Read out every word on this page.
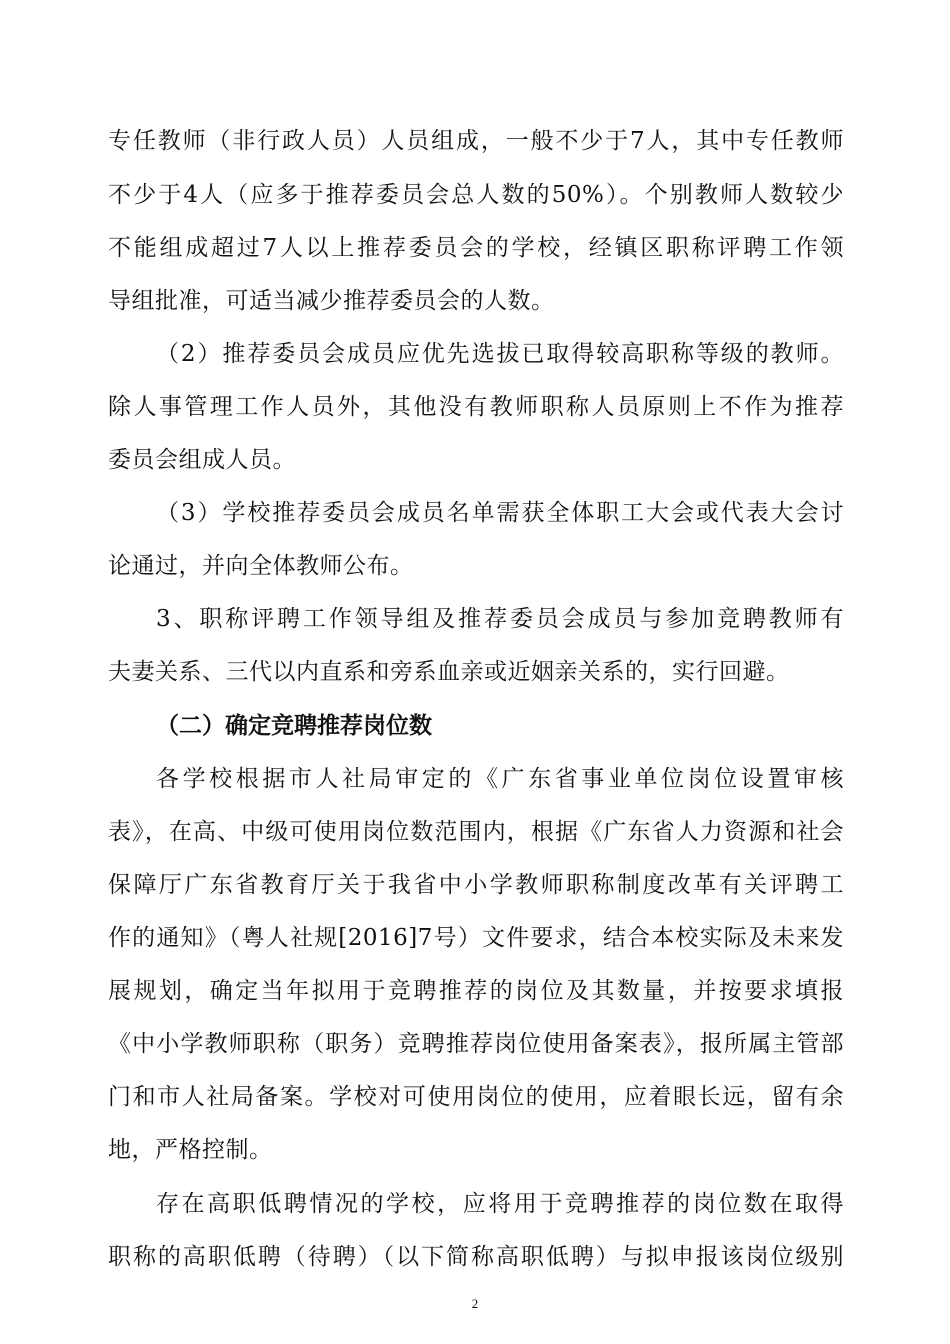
专任教师（非行政人员）人员组成，一般不少于7人，其中专任教师
不少于4人（应多于推荐委员会总人数的50%）。个别教师人数较少
不能组成超过7人以上推荐委员会的学校，经镇区职称评聘工作领
导组批准，可适当减少推荐委员会的人数。
（2）推荐委员会成员应优先选拔已取得较高职称等级的教师。
除人事管理工作人员外，其他没有教师职称人员原则上不作为推荐
委员会组成人员。
（3）学校推荐委员会成员名单需获全体职工大会或代表大会讨
论通过，并向全体教师公布。
3、职称评聘工作领导组及推荐委员会成员与参加竞聘教师有
夫妻关系、三代以内直系和旁系血亲或近姻亲关系的，实行回避。
（二）确定竞聘推荐岗位数
各学校根据市人社局审定的《广东省事业单位岗位设置审核
表》，在高、中级可使用岗位数范围内，根据《广东省人力资源和社会
保障厅广东省教育厅关于我省中小学教师职称制度改革有关评聘工
作的通知》（粤人社规[2016]7号）文件要求，结合本校实际及未来发
展规划，确定当年拟用于竞聘推荐的岗位及其数量，并按要求填报
《中小学教师职称（职务）竞聘推荐岗位使用备案表》，报所属主管部
门和市人社局备案。学校对可使用岗位的使用，应着眼长远，留有余
地，严格控制。
存在高职低聘情况的学校，应将用于竞聘推荐的岗位数在取得
职称的高职低聘（待聘）（以下简称高职低聘）与拟申报该岗位级别
2
